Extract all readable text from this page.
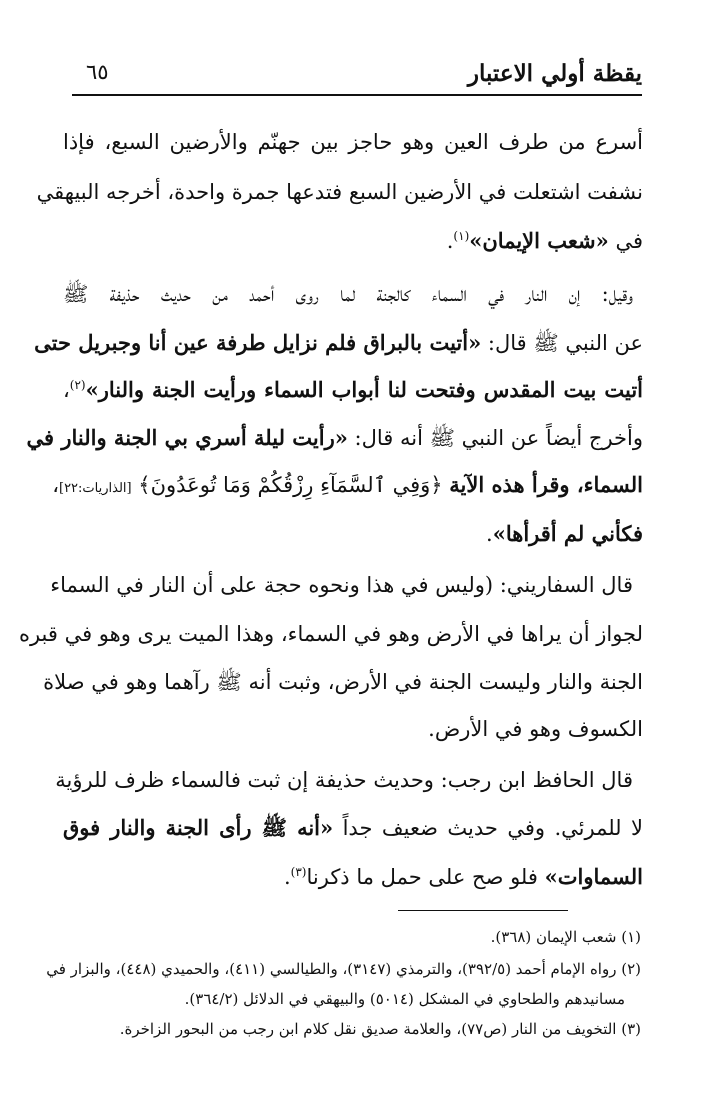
يقظة أولي الاعتبار
٦٥
أسرع من طرف العين وهو حاجز بين جهنّم والأرضين السبع، فإذا
نشفت اشتعلت في الأرضين السبع فتدعها جمرة واحدة، أخرجه البيهقي
في «شعب الإيمان»$^{(١)}$.
وقيل: إن النار في السماء كالجنة لما روى أحمد من حديث حذيفة ﷺ
عن النبي ﷺ قال: «أتيت بالبراق فلم نزايل طرفة عين أنا وجبريل حتى
أتيت بيت المقدس وفتحت لنا أبواب السماء ورأيت الجنة والنار»$^{(٢)}$،
وأخرج أيضاً عن النبي ﷺ أنه قال: «رأيت ليلة أسري بي الجنة والنار في
السماء، وقرأ هذه الآية ﴿وَفِي ٱلسَّمَآءِ رِزْقُكُمْ وَمَا تُوعَدُونَ﴾ [الذاريات:٢٢]،
فكأني لم أقرأها».
قال السفاريني: (وليس في هذا ونحوه حجة على أن النار في السماء
لجواز أن يراها في الأرض وهو في السماء، وهذا الميت يرى وهو في قبره
الجنة والنار وليست الجنة في الأرض، وثبت أنه ﷺ رآهما وهو في صلاة
الكسوف وهو في الأرض.
قال الحافظ ابن رجب: وحديث حذيفة إن ثبت فالسماء ظرف للرؤية
لا للمرئي. وفي حديث ضعيف جداً «أنه ﷺ رأى الجنة والنار فوق
السماوات» فلو صح على حمل ما ذكرنا$^{(٣)}$.
(١) شعب الإيمان (٣٦٨).
(٢) رواه الإمام أحمد (٣٩٢/٥)، والترمذي (٣١٤٧)، والطيالسي (٤١١)، والحميدي (٤٤٨)، والبزار في
مسانيدهم والطحاوي في المشكل (٥٠١٤) والبيهقي في الدلائل (٣٦٤/٢).
(٣) التخويف من النار (ص٧٧)، والعلامة صديق نقل كلام ابن رجب من البحور الزاخرة.
